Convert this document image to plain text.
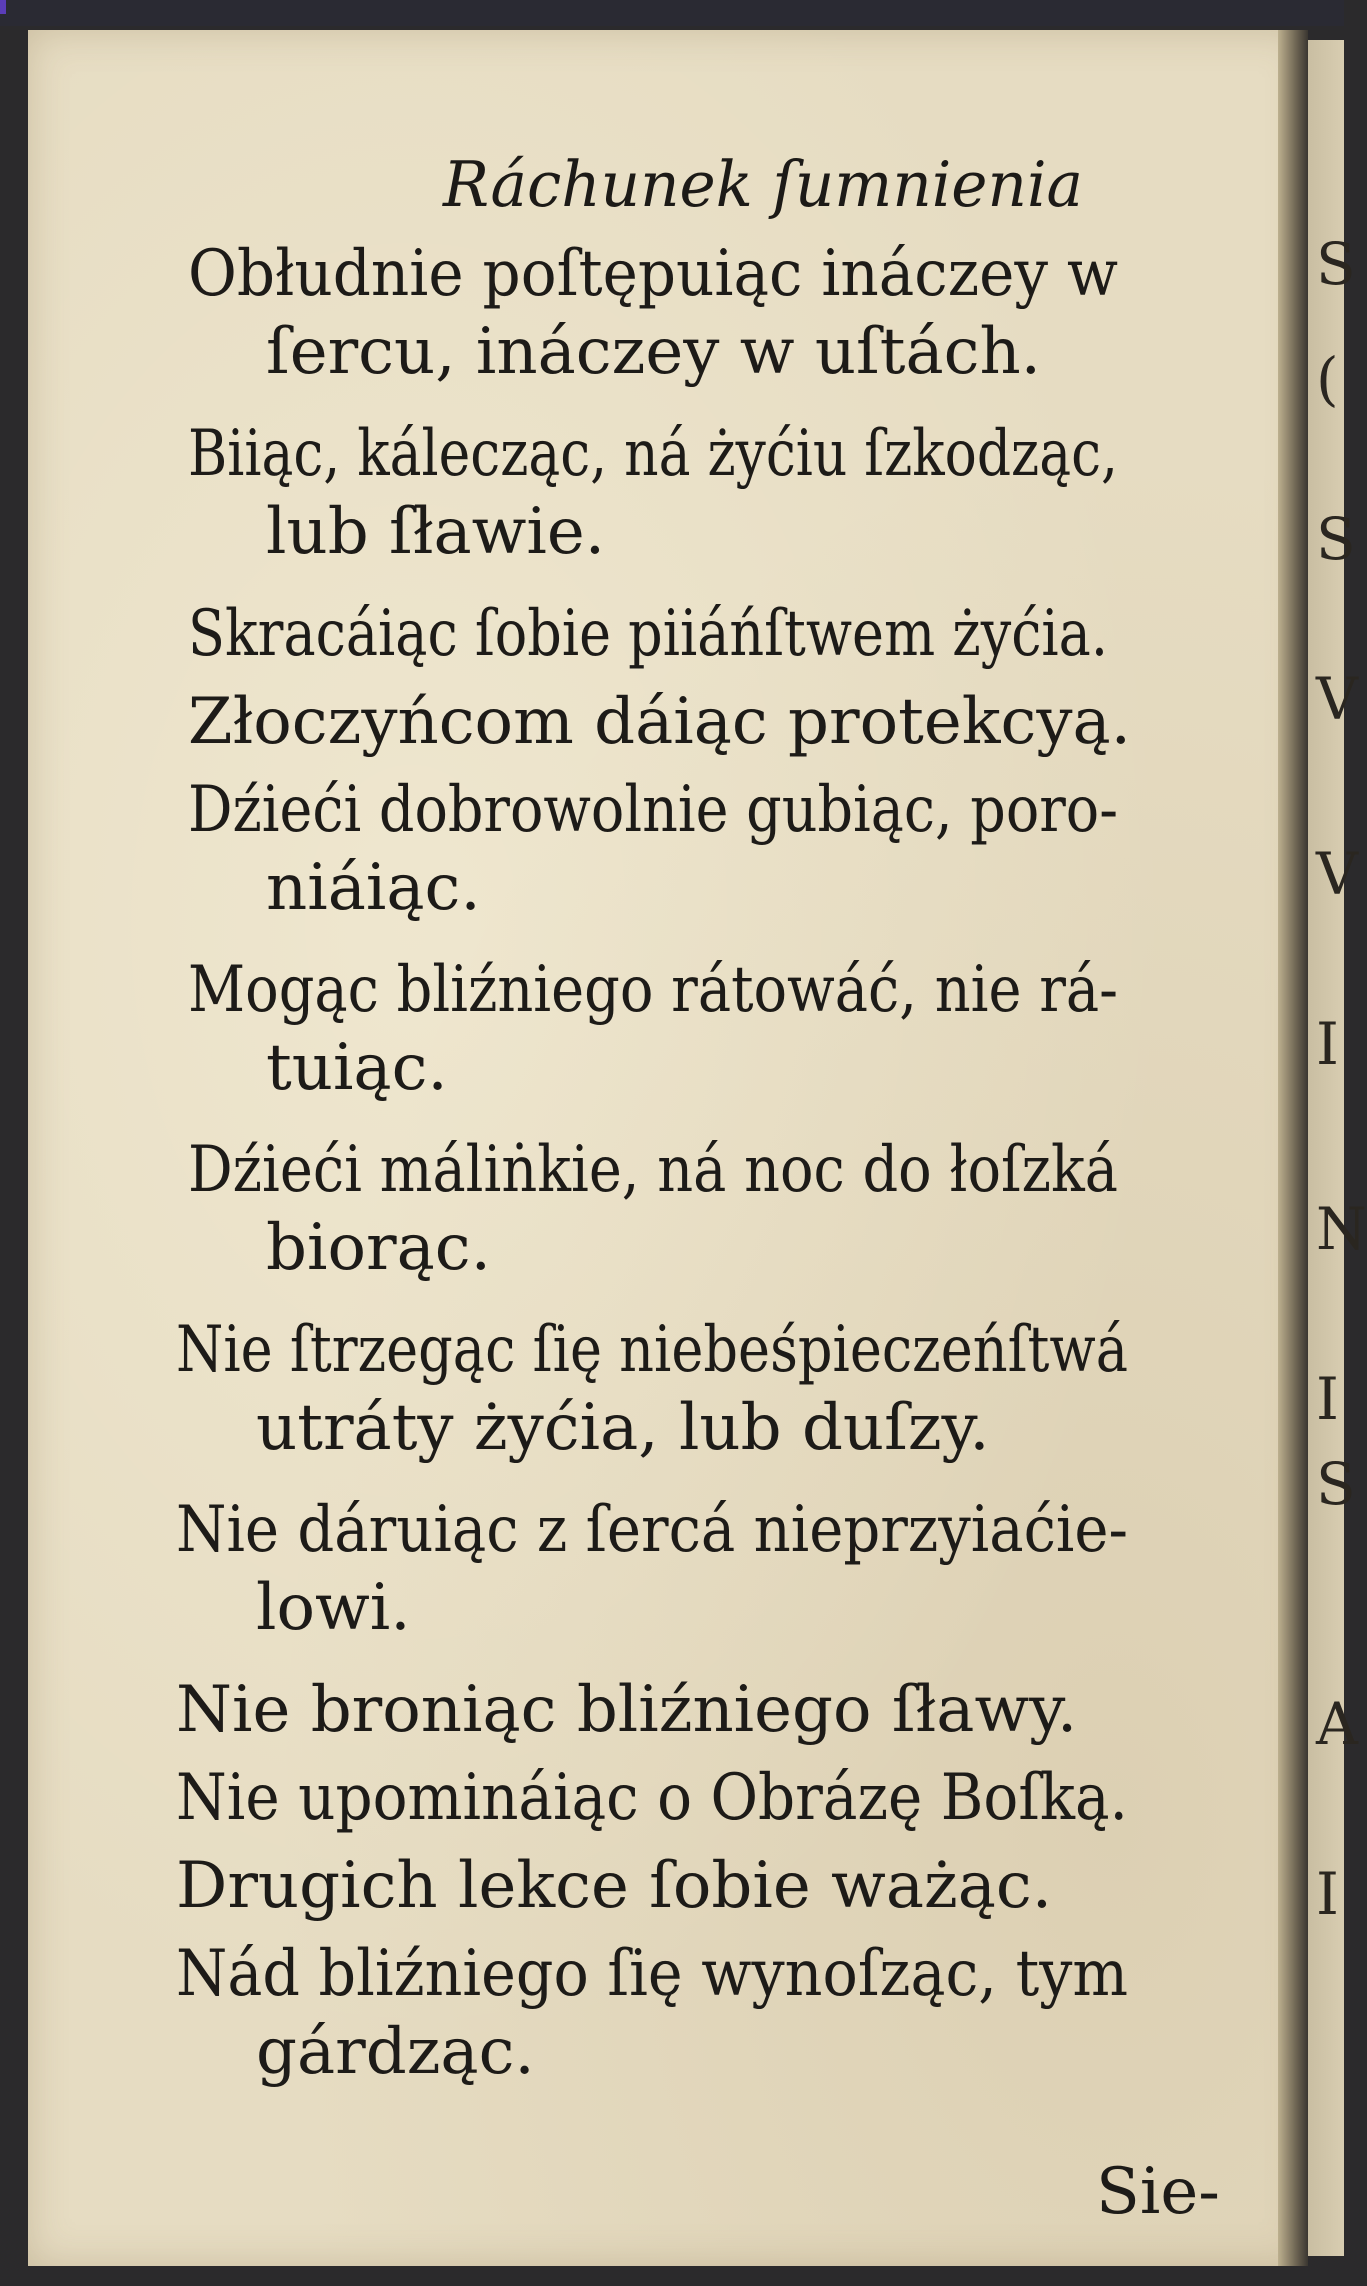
Ráchunek ſumnienia
Obłudnie poſtępuiąc ináczey w
ſercu, ináczey w uſtách.
Biiąc, kálecząc, ná żyćiu ſzkodząc,
lub ſławie.
Skracáiąc ſobie piiáńſtwem żyćia.
Złoczyńcom dáiąc protekcyą.
Dźieći dobrowolnie gubiąc, poro-
niáiąc.
Mogąc bliźniego rátowáć, nie rá-
tuiąc.
Dźieći máliṅkie, ná noc do łoſzká
biorąc.
Nie ſtrzegąc ſię niebeśpieczeńſtwá
utráty żyćia, lub duſzy.
Nie dáruiąc z ſercá nieprzyiaćie-
lowi.
Nie broniąc bliźniego ſławy.
Nie upomináiąc o Obrázę Boſką.
Drugich lekce ſobie ważąc.
Nád bliźniego ſię wynoſząc, tym
gárdząc.
Sie-
S
(
S
V
V
I
N
I
S
A
I
